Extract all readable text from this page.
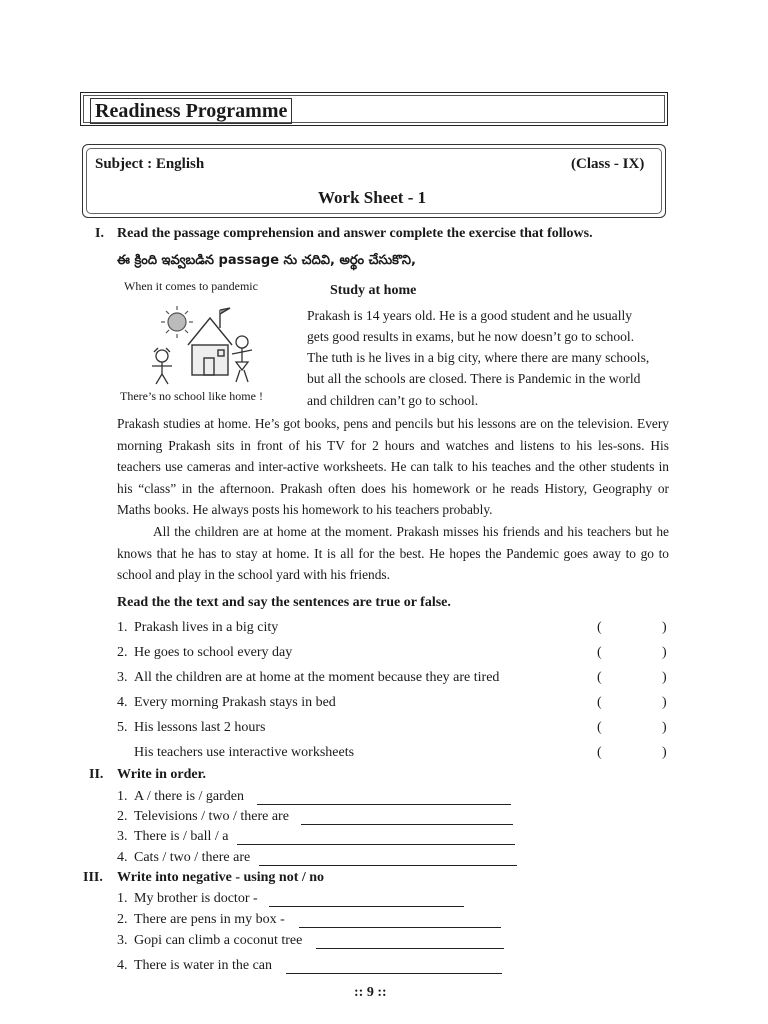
Readiness Programme
Subject : English	(Class - IX)
Work Sheet - 1
I. Read the passage comprehension and answer complete the exercise that follows.
ఈ క్రింది ఇవ్వబడిన passage ను చదివి, అర్థం చేసుకొని,
When it comes to pandemic
There’s no school like home !
Study at home
Prakash is 14 years old. He is a good student and he usually
gets good results in exams, but he now doesn’t go to school.
The tuth is he lives in a big city, where there are many schools,
but all the schools are closed. There is Pandemic in the world
and children can’t go to school.
Prakash studies at home. He’s got books, pens and pencils but his lessons are on the television. Every morning Prakash sits in front of his TV for 2 hours and watches and listens to his les-sons. His teachers use cameras and inter-active worksheets. He can talk to his teaches and the other students in his “class” in the afternoon. Prakash often does his homework or he reads History, Geography or Maths books. He always posts his homework to his teachers probably.
All the children are at home at the moment. Prakash misses his friends and his teachers but he knows that he has to stay at home. It is all for the best. He hopes the Pandemic goes away to go to school and play in the school yard with his friends.
Read the the text and say the sentences are true or false.
1. Prakash lives in a big city	(	)
2. He goes to school every day	(	)
3. All the children are at home at the moment because they are tired	(	)
4. Every morning Prakash stays in bed	(	)
5. His lessons last 2 hours	(	)
His teachers use interactive worksheets	(	)
II. Write in order.
1. A / there is / garden
2. Televisions / two / there are
3. There is / ball / a
4. Cats / two / there are
III. Write into negative - using not / no
1. My brother is doctor -
2. There are pens in my box -
3. Gopi can climb a coconut tree
4. There is water in the can
:: 9 ::
